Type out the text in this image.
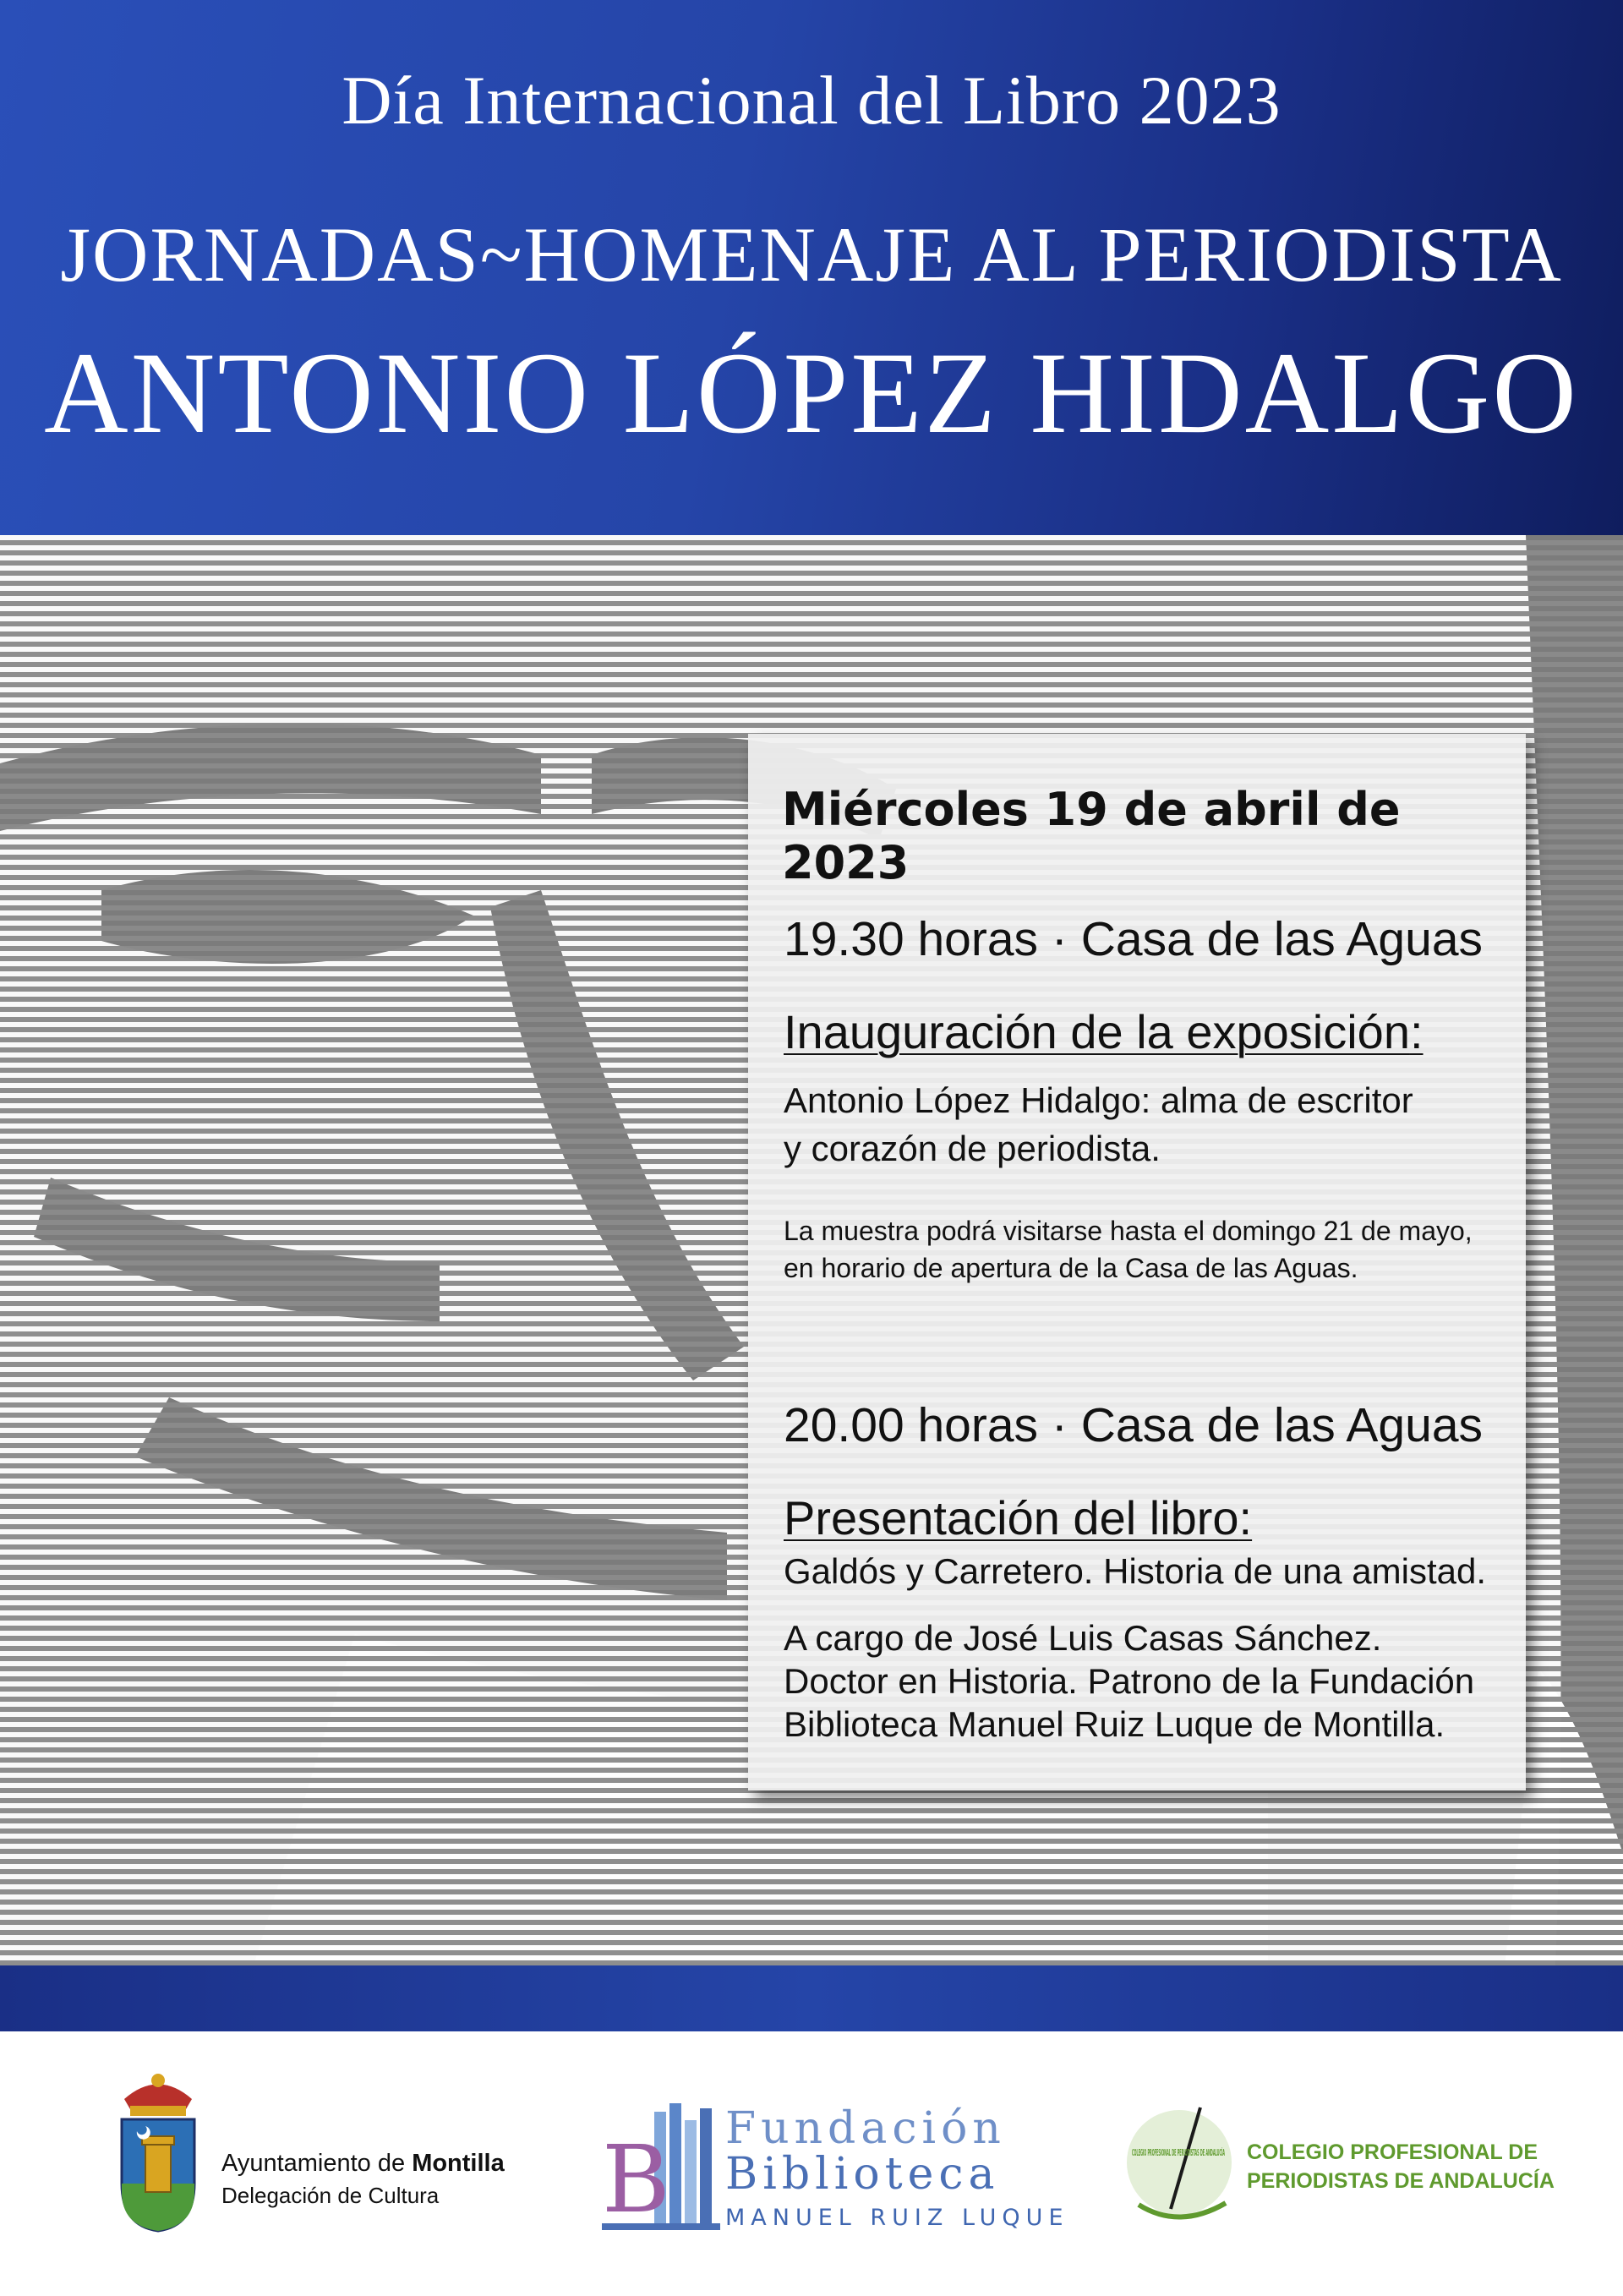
Día Internacional del Libro 2023
JORNADAS~HOMENAJE AL PERIODISTA
ANTONIO LÓPEZ HIDALGO
Miércoles 19 de abril de 2023
19.30 horas · Casa de las Aguas
Inauguración de la exposición:
Antonio López Hidalgo: alma de escritor
y corazón de periodista.
La muestra podrá visitarse hasta el domingo 21 de mayo,
en horario de apertura de la Casa de las Aguas.
20.00 horas · Casa de las Aguas
Presentación del libro:
Galdós y Carretero. Historia de una amistad.
A cargo de José Luis Casas Sánchez.
Doctor en Historia. Patrono de la Fundación
Biblioteca Manuel Ruiz Luque de Montilla.
Ayuntamiento de Montilla
Delegación de Cultura	B Fundación
Biblioteca
MANUEL RUIZ LUQUE
COLEGIO PROFESIONAL DE PERIODISTAS DE ANDALUCÍA COLEGIO PROFESIONAL DE
PERIODISTAS DE ANDALUCÍA
